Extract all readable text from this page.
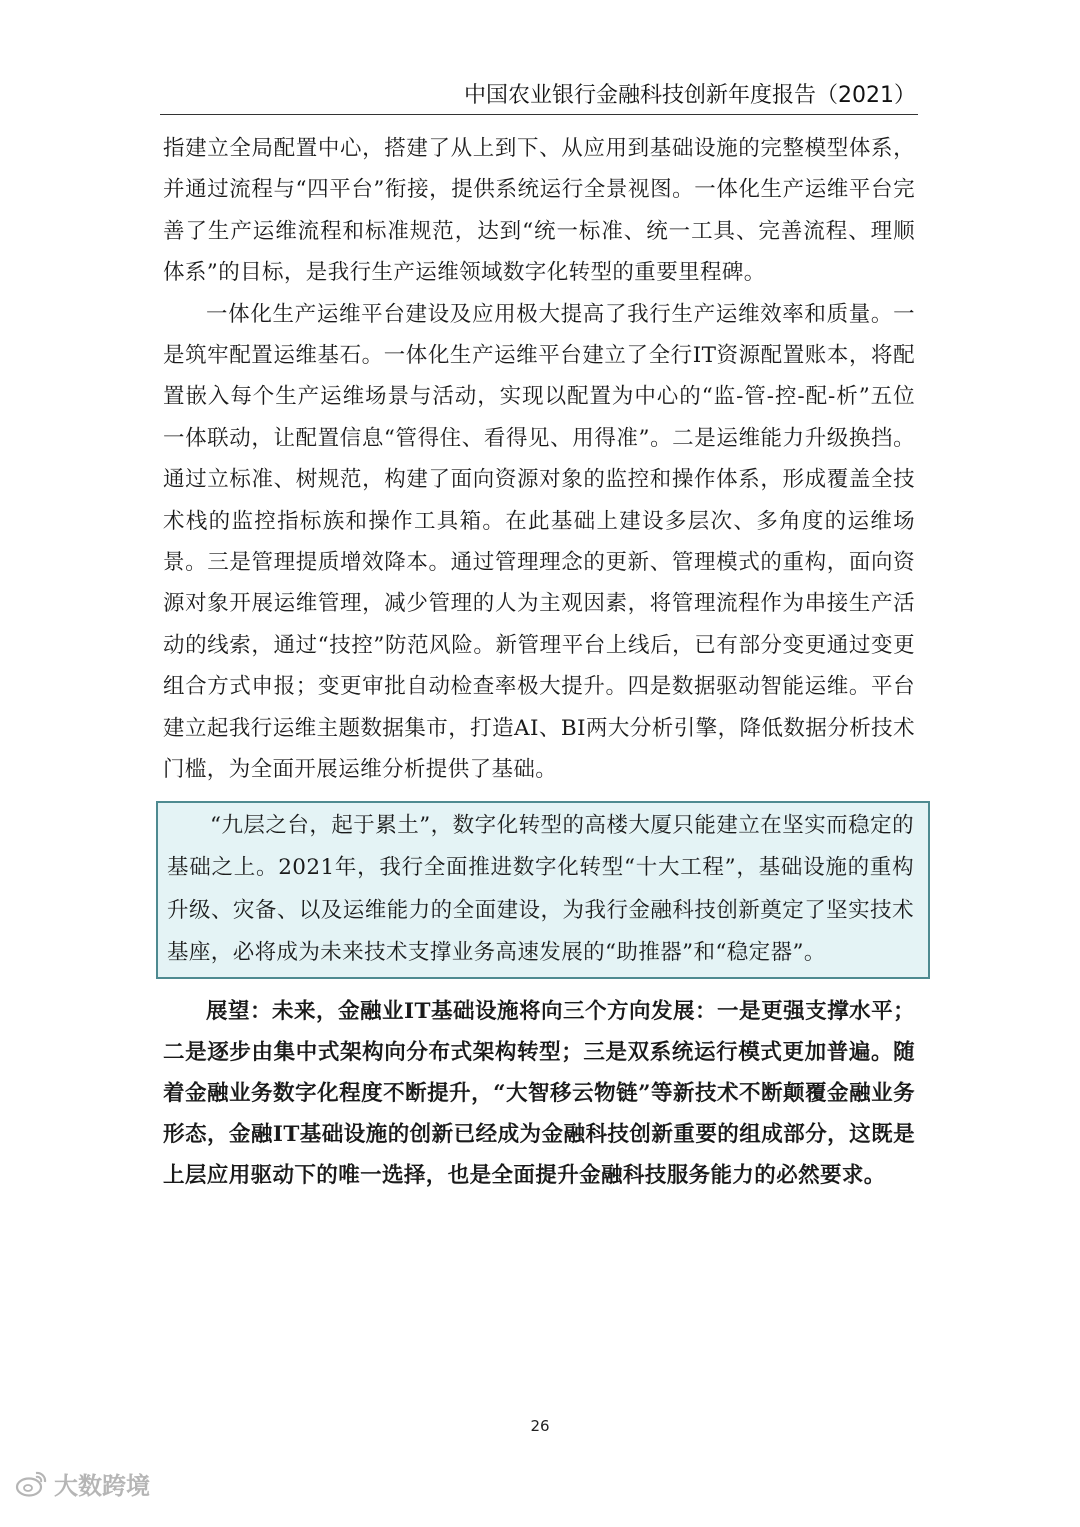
中国农业银行金融科技创新年度报告（2021）

指建立全局配置中心，搭建了从上到下、从应用到基础设施的完整模型体系，并通过流程与“四平台”衔接，提供系统运行全景视图。一体化生产运维平台完善了生产运维流程和标准规范，达到“统一标准、统一工具、完善流程、理顺体系”的目标，是我行生产运维领域数字化转型的重要里程碑。

一体化生产运维平台建设及应用极大提高了我行生产运维效率和质量。一是筑牢配置运维基石。一体化生产运维平台建立了全行IT资源配置账本，将配置嵌入每个生产运维场景与活动，实现以配置为中心的“监-管-控-配-析”五位一体联动，让配置信息“管得住、看得见、用得准”。二是运维能力升级换挡。通过立标准、树规范，构建了面向资源对象的监控和操作体系，形成覆盖全技术栈的监控指标族和操作工具箱。在此基础上建设多层次、多角度的运维场景。三是管理提质增效降本。通过管理理念的更新、管理模式的重构，面向资源对象开展运维管理，减少管理的人为主观因素，将管理流程作为串接生产活动的线索，通过“技控”防范风险。新管理平台上线后，已有部分变更通过变更组合方式申报；变更审批自动检查率极大提升。四是数据驱动智能运维。平台建立起我行运维主题数据集市，打造AI、BI两大分析引擎，降低数据分析技术门槛，为全面开展运维分析提供了基础。

“九层之台，起于累土”，数字化转型的高楼大厦只能建立在坚实而稳定的基础之上。2021年，我行全面推进数字化转型“十大工程”，基础设施的重构升级、灾备、以及运维能力的全面建设，为我行金融科技创新奠定了坚实技术基座，必将成为未来技术支撑业务高速发展的“助推器”和“稳定器”。

展望：未来，金融业IT基础设施将向三个方向发展：一是更强支撑水平；二是逐步由集中式架构向分布式架构转型；三是双系统运行模式更加普遍。随着金融业务数字化程度不断提升，“大智移云物链”等新技术不断颠覆金融业务形态，金融IT基础设施的创新已经成为金融科技创新重要的组成部分，这既是上层应用驱动下的唯一选择，也是全面提升金融科技服务能力的必然要求。

26
大数跨境
